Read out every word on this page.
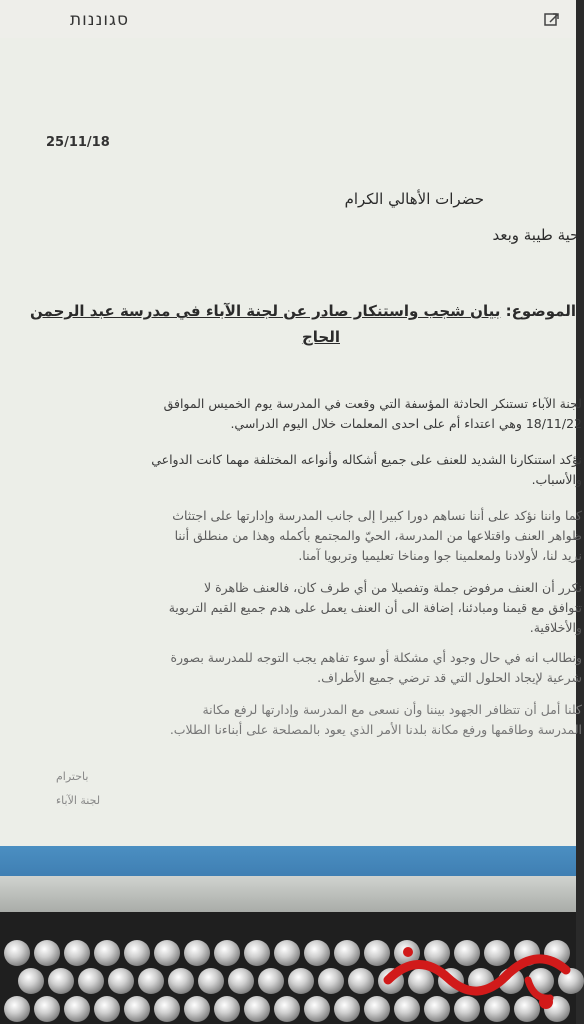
סגוננות
25/11/18
حضرات الأهالي الكرام
تحية طيبة وبعد
الموضوع: بيان شجب واستنكار صادر عن لجنة الآباء في مدرسة عبد الرحمن
الحاج
لجنة الآباء تستنكر الحادثة المؤسفة التي وقعت في المدرسة يوم الخميس الموافق
18/11/22 وهي اعتداء أم على احدى المعلمات خلال اليوم الدراسي.
نؤكد استنكارنا الشديد للعنف على جميع أشكاله وأنواعه المختلفة مهما كانت الدواعي
والأسباب.
كما واننا نؤكد على أننا نساهم دورا كبيرا إلى جانب المدرسة وإدارتها على اجتثاث
ظواهر العنف واقتلاعها من المدرسة، الحيّ والمجتمع بأكمله وهذا من منطلق أننا
نريد لنا، لأولادنا ولمعلمينا جوا ومناخا تعليميا وتربويا آمنا.
نكرر أن العنف مرفوض جملة وتفصيلا من أي طرف كان، فالعنف ظاهرة لا
تتوافق مع قيمنا ومبادئنا، إضافة الى أن العنف يعمل على هدم جميع القيم التربوية
والأخلاقية.
ونطالب انه في حال وجود أي مشكلة أو سوء تفاهم يجب التوجه للمدرسة بصورة
شرعية لإيجاد الحلول التي قد ترضي جميع الأطراف.
كلنا أمل أن تتظافر الجهود بيننا وأن نسعى مع المدرسة وإدارتها لرفع مكانة
المدرسة وطاقمها ورفع مكانة بلدنا الأمر الذي يعود بالمصلحة على أبناءنا الطلاب.
باحترام
لجنة الآباء
